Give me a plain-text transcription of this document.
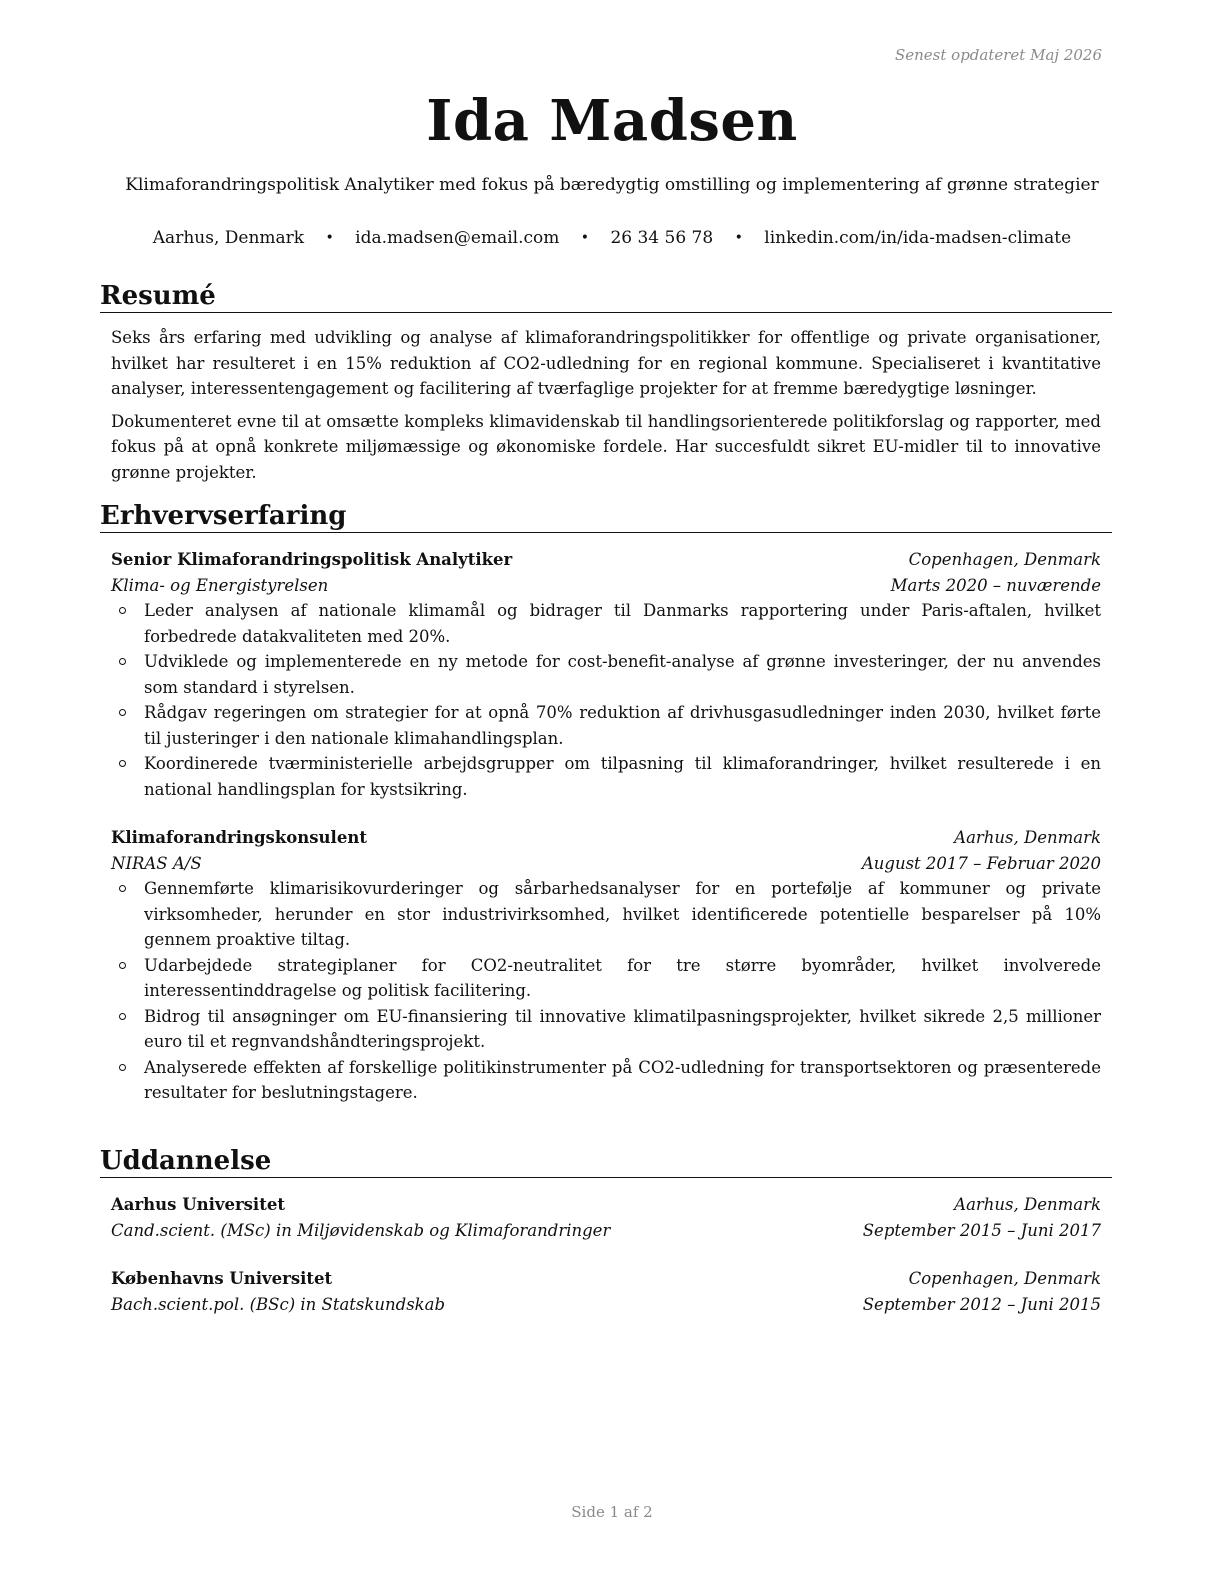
Senest opdateret Maj 2026
Ida Madsen
Klimaforandringspolitisk Analytiker med fokus på bæredygtig omstilling og implementering af grønne strategier
Aarhus, Denmark • ida.madsen@email.com • 26 34 56 78 • linkedin.com/in/ida-madsen-climate
Resumé

Seks års erfaring med udvikling og analyse af klimaforandringspolitikker for offentlige og private organisationer, hvilket har resulteret i en 15% reduktion af CO2-udledning for en regional kommune. Specialiseret i kvantitative analyser, interessentengagement og facilitering af tværfaglige projekter for at fremme bæredygtige løsninger.

Dokumenteret evne til at omsætte kompleks klimavidenskab til handlingsorienterede politikforslag og rapporter, med fokus på at opnå konkrete miljømæssige og økonomiske fordele. Har succesfuldt sikret EU-midler til to innovative grønne projekter.

Erhvervserfaring
Senior Klimaforandringspolitisk Analytiker	Copenhagen, Denmark
Klima- og Energistyrelsen	Marts 2020 – nuværende
Leder analysen af nationale klimamål og bidrager til Danmarks rapportering under Paris-aftalen, hvilket forbedrede datakvaliteten med 20%.
Udviklede og implementerede en ny metode for cost-benefit-analyse af grønne investeringer, der nu anvendes som standard i styrelsen.
Rådgav regeringen om strategier for at opnå 70% reduktion af drivhusgasudledninger inden 2030, hvilket førte til justeringer i den nationale klimahandlingsplan.
Koordinerede tværministerielle arbejdsgrupper om tilpasning til klimaforandringer, hvilket resulterede i en national handlingsplan for kystsikring.
Klimaforandringskonsulent	Aarhus, Denmark
NIRAS A/S	August 2017 – Februar 2020
Gennemførte klimarisikovurderinger og sårbarhedsanalyser for en portefølje af kommuner og private virksomheder, herunder en stor industrivirksomhed, hvilket identificerede potentielle besparelser på 10% gennem proaktive tiltag.
Udarbejdede strategiplaner for CO2-neutralitet for tre større byområder, hvilket involverede interessentinddragelse og politisk facilitering.
Bidrog til ansøgninger om EU-finansiering til innovative klimatilpasningsprojekter, hvilket sikrede 2,5 millioner euro til et regnvandshåndteringsprojekt.
Analyserede effekten af forskellige politikinstrumenter på CO2-udledning for transportsektoren og præsenterede resultater for beslutningstagere.
Uddannelse
Aarhus Universitet	Aarhus, Denmark
Cand.scient. (MSc) in Miljøvidenskab og Klimaforandringer	September 2015 – Juni 2017
Københavns Universitet	Copenhagen, Denmark
Bach.scient.pol. (BSc) in Statskundskab	September 2012 – Juni 2015
Side 1 af 2
